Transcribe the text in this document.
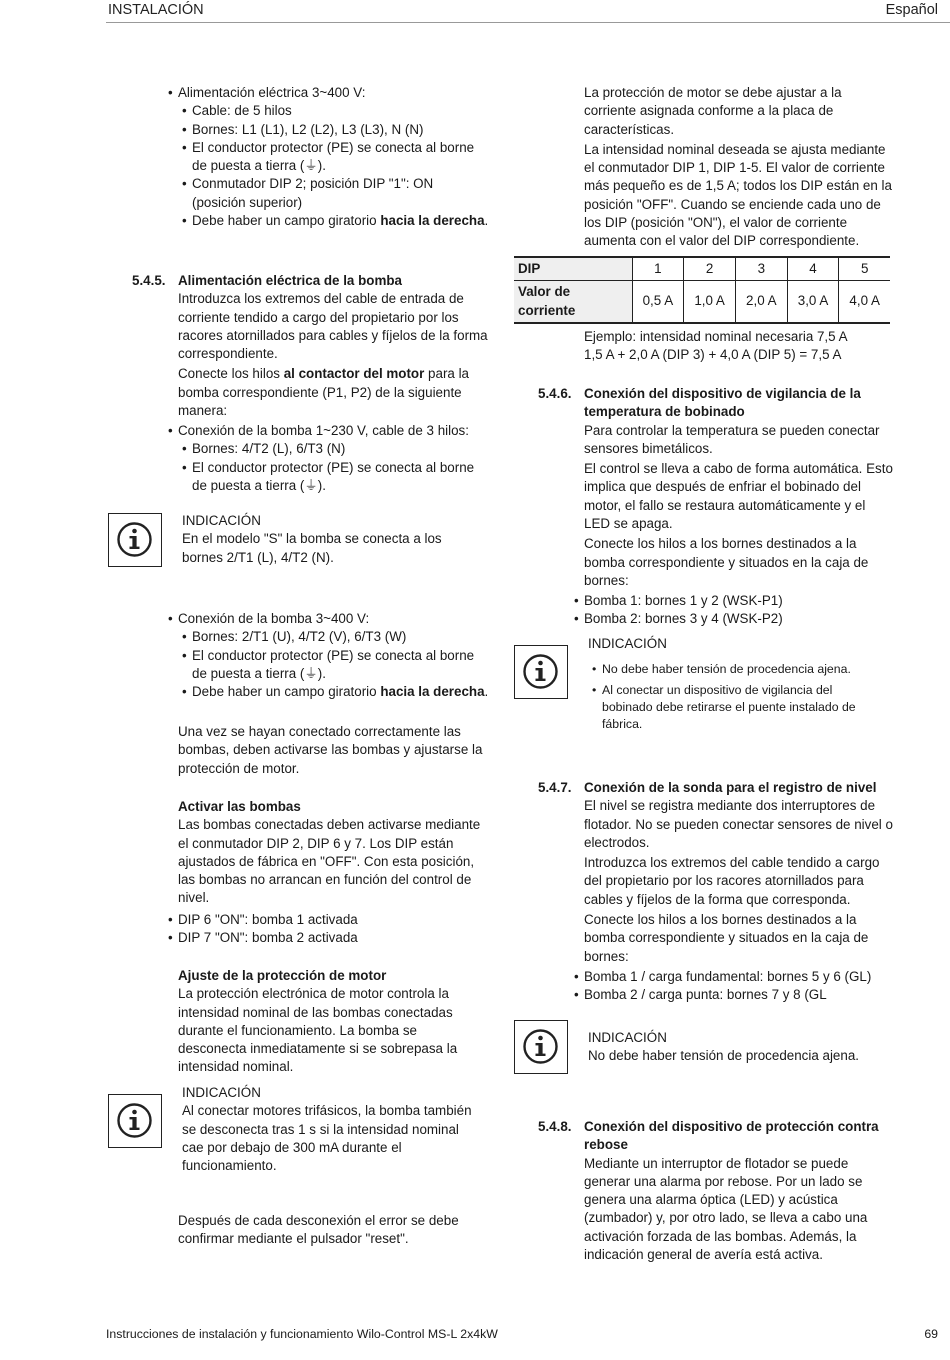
INSTALACIÓN	Español
• Alimentación eléctrica 3~400 V:
• Cable: de 5 hilos
• Bornes: L1 (L1), L2 (L2), L3 (L3), N (N)
• El conductor protector (PE) se conecta al borne de puesta a tierra (⏚).
• Conmutador DIP 2; posición DIP "1": ON (posición superior)
• Debe haber un campo giratorio hacia la derecha.
5.4.5. Alimentación eléctrica de la bomba

Introduzca los extremos del cable de entrada de corriente tendido a cargo del propietario por los racores atornillados para cables y fíjelos de la forma correspondiente.

Conecte los hilos al contactor del motor para la bomba correspondiente (P1, P2) de la siguiente manera:

• Conexión de la bomba 1~230 V, cable de 3 hilos:
• Bornes: 4/T2 (L), 6/T3 (N)
• El conductor protector (PE) se conecta al borne de puesta a tierra (⏚).

INDICACIÓN

En el modelo "S" la bomba se conecta a los bornes 2/T1 (L), 4/T2 (N).

• Conexión de la bomba 3~400 V:
• Bornes: 2/T1 (U), 4/T2 (V), 6/T3 (W)
• El conductor protector (PE) se conecta al borne de puesta a tierra (⏚).
• Debe haber un campo giratorio hacia la derecha.
Una vez se hayan conectado correctamente las bombas, deben activarse las bombas y ajustarse la protección de motor.

Activar las bombas

Las bombas conectadas deben activarse mediante el conmutador DIP 2, DIP 6 y 7. Los DIP están ajustados de fábrica en "OFF". Con esta posición, las bombas no arrancan en función del control de nivel.

• DIP 6 "ON": bomba 1 activada
• DIP 7 "ON": bomba 2 activada

Ajuste de la protección de motor

La protección electrónica de motor controla la intensidad nominal de las bombas conectadas durante el funcionamiento. La bomba se desconecta inmediatamente si se sobrepasa la intensidad nominal.

INDICACIÓN

Al conectar motores trifásicos, la bomba también se desconecta tras 1 s si la intensidad nominal cae por debajo de 300 mA durante el funcionamiento.

Después de cada desconexión el error se debe confirmar mediante el pulsador "reset".

La protección de motor se debe ajustar a la corriente asignada conforme a la placa de características.

La intensidad nominal deseada se ajusta mediante el conmutador DIP 1, DIP 1-5. El valor de corriente más pequeño es de 1,5 A; todos los DIP están en la posición "OFF". Cuando se enciende cada uno de los DIP (posición "ON"), el valor de corriente aumenta con el valor del DIP correspondiente.

DIP	1	2	3	4	5
Valor de corriente	0,5 A	1,0 A	2,0 A	3,0 A	4,0 A

Ejemplo: intensidad nominal necesaria 7,5 A

1,5 A + 2,0 A (DIP 3) + 4,0 A (DIP 5) = 7,5 A

5.4.6. Conexión del dispositivo de vigilancia de la temperatura de bobinado

Para controlar la temperatura se pueden conectar sensores bimetálicos.

El control se lleva a cabo de forma automática. Esto implica que después de enfriar el bobinado del motor, el fallo se restaura automáticamente y el LED se apaga.

Conecte los hilos a los bornes destinados a la bomba correspondiente y situados en la caja de bornes:

• Bomba 1: bornes 1 y 2 (WSK-P1)
• Bomba 2: bornes 3 y 4 (WSK-P2)

INDICACIÓN

• No debe haber tensión de procedencia ajena.
• Al conectar un dispositivo de vigilancia del bobinado debe retirarse el puente instalado de fábrica.
5.4.7. Conexión de la sonda para el registro de nivel

El nivel se registra mediante dos interruptores de flotador. No se pueden conectar sensores de nivel o electrodos.

Introduzca los extremos del cable tendido a cargo del propietario por los racores atornillados para cables y fíjelos de la forma que corresponda.

Conecte los hilos a los bornes destinados a la bomba correspondiente y situados en la caja de bornes:

• Bomba 1 / carga fundamental: bornes 5 y 6 (GL)
• Bomba 2 / carga punta: bornes 7 y 8 (GL

INDICACIÓN

No debe haber tensión de procedencia ajena.

5.4.8. Conexión del dispositivo de protección contra rebose

Mediante un interruptor de flotador se puede generar una alarma por rebose. Por un lado se genera una alarma óptica (LED) y acústica (zumbador) y, por otro lado, se lleva a cabo una activación forzada de las bombas. Además, la indicación general de avería está activa.

Instrucciones de instalación y funcionamiento Wilo-Control MS-L 2x4kW	69
